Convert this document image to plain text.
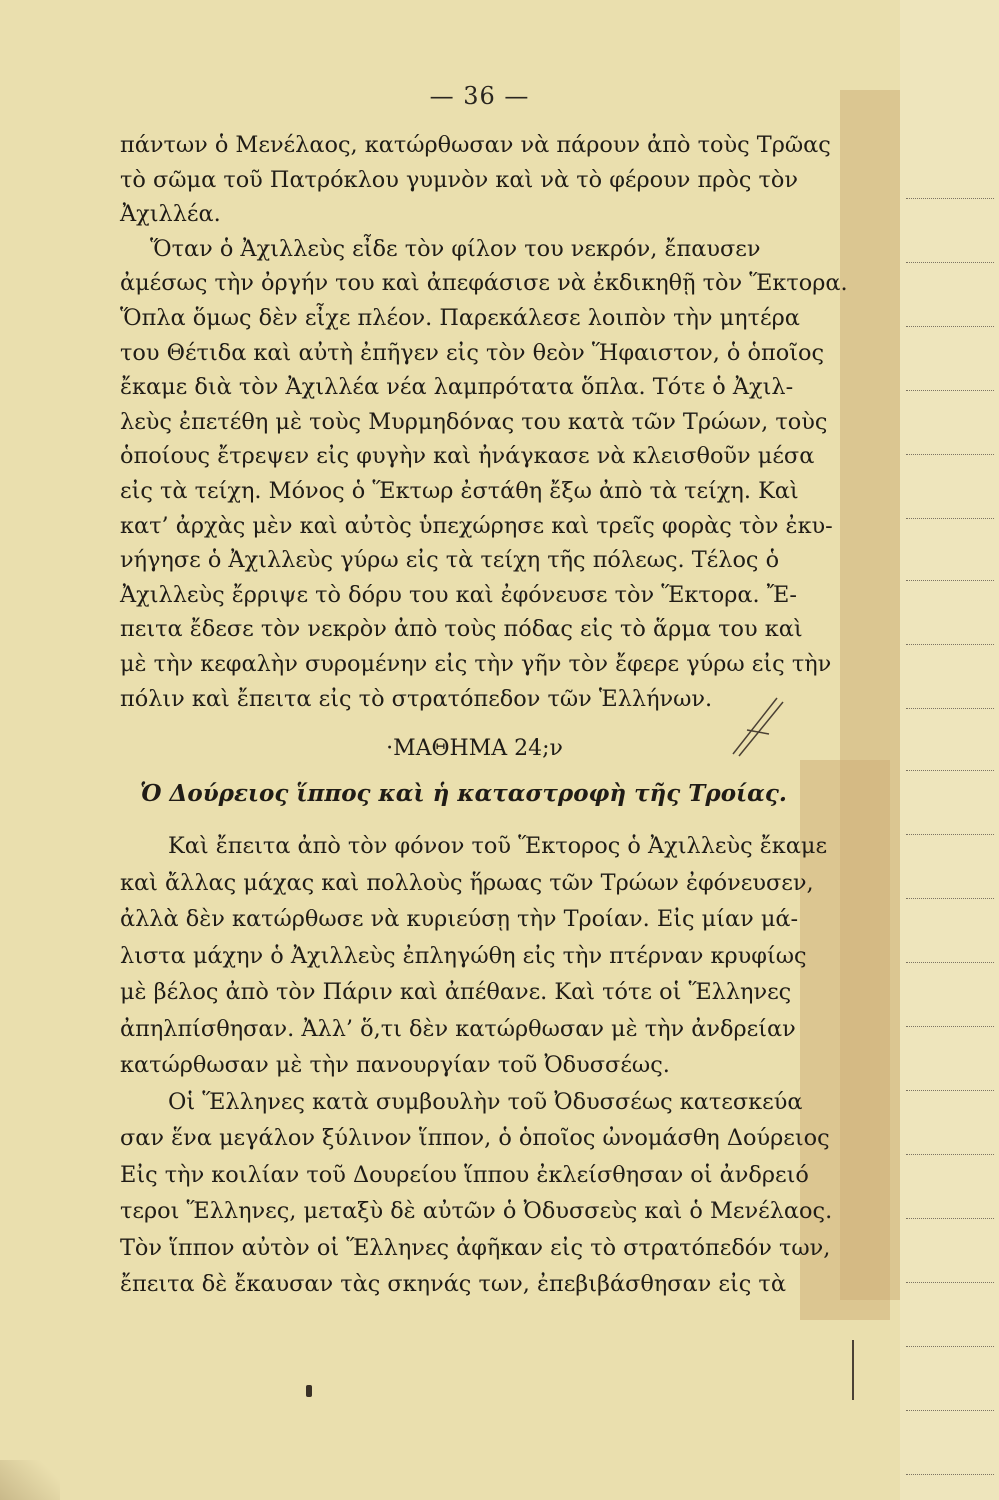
— 36 —
πάντων ὁ Μενέλαος, κατώρθωσαν νὰ πάρουν ἀπὸ τοὺς Τρῶας
τὸ σῶμα τοῦ Πατρόκλου γυμνὸν καὶ νὰ τὸ φέρουν πρὸς τὸν
Ἀχιλλέα.
Ὅταν ὁ Ἀχιλλεὺς εἶδε τὸν φίλον του νεκρόν, ἔπαυσεν
ἀμέσως τὴν ὀργήν του καὶ ἀπεφάσισε νὰ ἐκδικηθῇ τὸν Ἕκτορα.
Ὅπλα ὅμως δὲν εἶχε πλέον. Παρεκάλεσε λοιπὸν τὴν μητέρα
του Θέτιδα καὶ αὐτὴ ἐπῆγεν εἰς τὸν θεὸν Ἥφαιστον, ὁ ὁποῖος
ἔκαμε διὰ τὸν Ἀχιλλέα νέα λαμπρότατα ὅπλα. Τότε ὁ Ἀχιλ-
λεὺς ἐπετέθη μὲ τοὺς Μυρμηδόνας του κατὰ τῶν Τρώων, τοὺς
ὁποίους ἔτρεψεν εἰς φυγὴν καὶ ἠνάγκασε νὰ κλεισθοῦν μέσα
εἰς τὰ τείχη. Μόνος ὁ Ἕκτωρ ἐστάθη ἔξω ἀπὸ τὰ τείχη. Καὶ
κατ’ ἀρχὰς μὲν καὶ αὐτὸς ὑπεχώρησε καὶ τρεῖς φορὰς τὸν ἐκυ-
νήγησε ὁ Ἀχιλλεὺς γύρω εἰς τὰ τείχη τῆς πόλεως. Τέλος ὁ
Ἀχιλλεὺς ἔρριψε τὸ δόρυ του καὶ ἐφόνευσε τὸν Ἕκτορα. Ἔ-
πειτα ἔδεσε τὸν νεκρὸν ἀπὸ τοὺς πόδας εἰς τὸ ἅρμα του καὶ
μὲ τὴν κεφαλὴν συρομένην εἰς τὴν γῆν τὸν ἔφερε γύρω εἰς τὴν
πόλιν καὶ ἔπειτα εἰς τὸ στρατόπεδον τῶν Ἑλλήνων.
·ΜΑΘΗΜΑ 24;ν
Ὁ Δούρειος ἵππος καὶ ἡ καταστροφὴ τῆς Τροίας.
Καὶ ἔπειτα ἀπὸ τὸν φόνον τοῦ Ἕκτορος ὁ Ἀχιλλεὺς ἔκαμε
καὶ ἄλλας μάχας καὶ πολλοὺς ἥρωας τῶν Τρώων ἐφόνευσεν,
ἀλλὰ δὲν κατώρθωσε νὰ κυριεύσῃ τὴν Τροίαν. Εἰς μίαν μά-
λιστα μάχην ὁ Ἀχιλλεὺς ἐπληγώθη εἰς τὴν πτέρναν κρυφίως
μὲ βέλος ἀπὸ τὸν Πάριν καὶ ἀπέθανε. Καὶ τότε οἱ Ἕλληνες
ἀπηλπίσθησαν. Ἀλλ’ ὅ,τι δὲν κατώρθωσαν μὲ τὴν ἀνδρείαν
κατώρθωσαν μὲ τὴν πανουργίαν τοῦ Ὀδυσσέως.
Οἱ Ἕλληνες κατὰ συμβουλὴν τοῦ Ὀδυσσέως κατεσκεύα
σαν ἕνα μεγάλον ξύλινον ἵππον, ὁ ὁποῖος ὠνομάσθη Δούρειος
Εἰς τὴν κοιλίαν τοῦ Δουρείου ἵππου ἐκλείσθησαν οἱ ἀνδρειό
τεροι Ἕλληνες, μεταξὺ δὲ αὐτῶν ὁ Ὀδυσσεὺς καὶ ὁ Μενέλαος.
Τὸν ἵππον αὐτὸν οἱ Ἕλληνες ἀφῆκαν εἰς τὸ στρατόπεδόν των,
ἔπειτα δὲ ἔκαυσαν τὰς σκηνάς των, ἐπεβιβάσθησαν εἰς τὰ
